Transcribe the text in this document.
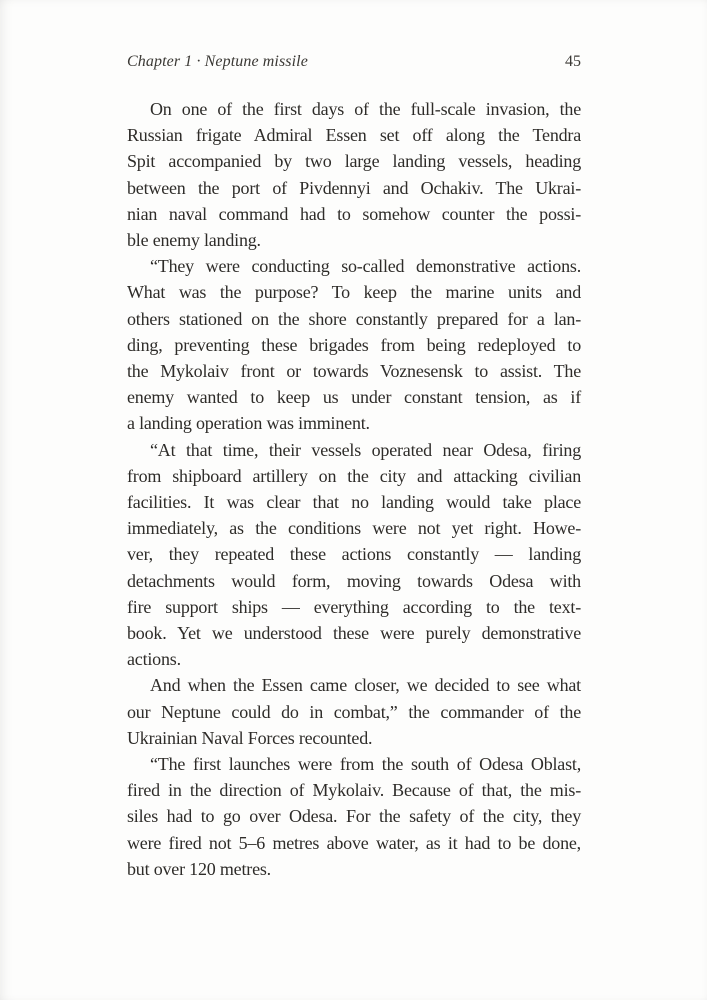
Chapter 1 · Neptune missile	45
On one of the first days of the full-scale invasion, the
Russian frigate Admiral Essen set off along the Tendra
Spit accompanied by two large landing vessels, heading
between the port of Pivdennyi and Ochakiv. The Ukrai-
nian naval command had to somehow counter the possi-
ble enemy landing.
“They were conducting so-called demonstrative actions.
What was the purpose? To keep the marine units and
others stationed on the shore constantly prepared for a lan-
ding, preventing these brigades from being redeployed to
the Mykolaiv front or towards Voznesensk to assist. The
enemy wanted to keep us under constant tension, as if
a landing operation was imminent.
“At that time, their vessels operated near Odesa, firing
from shipboard artillery on the city and attacking civilian
facilities. It was clear that no landing would take place
immediately, as the conditions were not yet right. Howe-
ver, they repeated these actions constantly — landing
detachments would form, moving towards Odesa with
fire support ships — everything according to the text-
book. Yet we understood these were purely demonstrative
actions.
And when the Essen came closer, we decided to see what
our Neptune could do in combat,” the commander of the
Ukrainian Naval Forces recounted.
“The first launches were from the south of Odesa Oblast,
fired in the direction of Mykolaiv. Because of that, the mis-
siles had to go over Odesa. For the safety of the city, they
were fired not 5–6 metres above water, as it had to be done,
but over 120 metres.
